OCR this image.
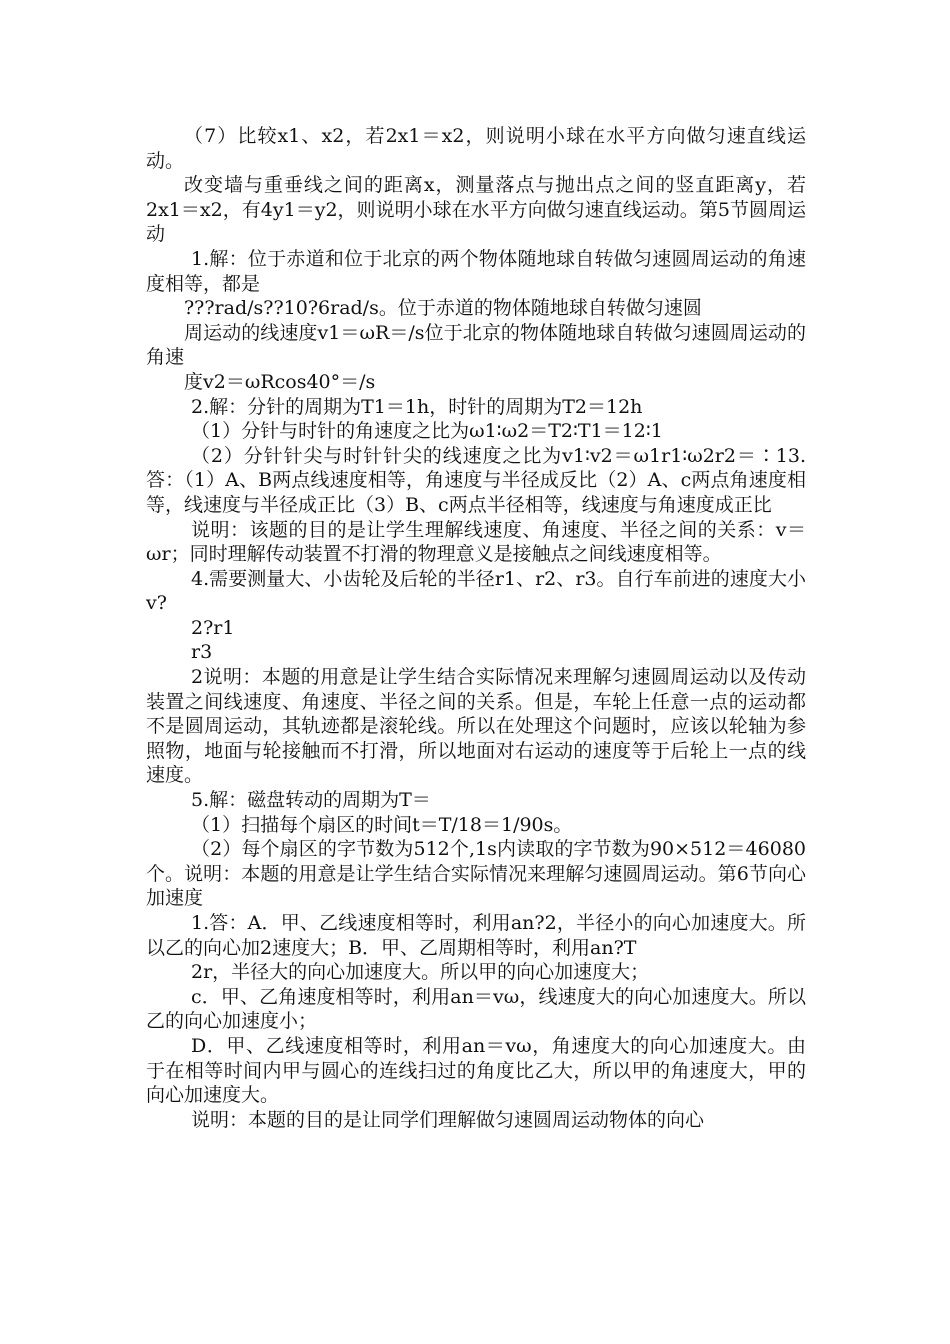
（7）比较x1、x2，若2x1＝x2，则说明小球在水平方向做匀速直线运动。

改变墙与重垂线之间的距离x，测量落点与抛出点之间的竖直距离y，若2x1＝x2，有4y1＝y2，则说明小球在水平方向做匀速直线运动。第5节圆周运动

1.解：位于赤道和位于北京的两个物体随地球自转做匀速圆周运动的角速度相等，都是

???rad/s??10?6rad/s。位于赤道的物体随地球自转做匀速圆

周运动的线速度v1＝ωR＝/s位于北京的物体随地球自转做匀速圆周运动的角速

度v2＝ωRcos40°＝/s

2.解：分针的周期为T1＝1h，时针的周期为T2＝12h

（1）分针与时针的角速度之比为ω1∶ω2＝T2∶T1＝12∶1

（2）分针针尖与时针针尖的线速度之比为v1∶v2＝ω1r1∶ω2r2＝∶13.答：（1）A、B两点线速度相等，角速度与半径成反比（2）A、c两点角速度相等，线速度与半径成正比（3）B、c两点半径相等，线速度与角速度成正比

说明：该题的目的是让学生理解线速度、角速度、半径之间的关系：v＝ωr；同时理解传动装置不打滑的物理意义是接触点之间线速度相等。

4.需要测量大、小齿轮及后轮的半径r1、r2、r3。自行车前进的速度大小v?

2?r1

r3

2说明：本题的用意是让学生结合实际情况来理解匀速圆周运动以及传动装置之间线速度、角速度、半径之间的关系。但是，车轮上任意一点的运动都不是圆周运动，其轨迹都是滚轮线。所以在处理这个问题时，应该以轮轴为参照物，地面与轮接触而不打滑，所以地面对右运动的速度等于后轮上一点的线速度。

5.解：磁盘转动的周期为T＝

（1）扫描每个扇区的时间t＝T/18＝1/90s。

（2）每个扇区的字节数为512个,1s内读取的字节数为90×512＝46080个。说明：本题的用意是让学生结合实际情况来理解匀速圆周运动。第6节向心加速度

1.答：A．甲、乙线速度相等时，利用an?2，半径小的向心加速度大。所以乙的向心加2速度大；B．甲、乙周期相等时，利用an?T

2r，半径大的向心加速度大。所以甲的向心加速度大；

c．甲、乙角速度相等时，利用an＝vω，线速度大的向心加速度大。所以乙的向心加速度小；

D．甲、乙线速度相等时，利用an＝vω，角速度大的向心加速度大。由于在相等时间内甲与圆心的连线扫过的角度比乙大，所以甲的角速度大，甲的向心加速度大。

说明：本题的目的是让同学们理解做匀速圆周运动物体的向心
